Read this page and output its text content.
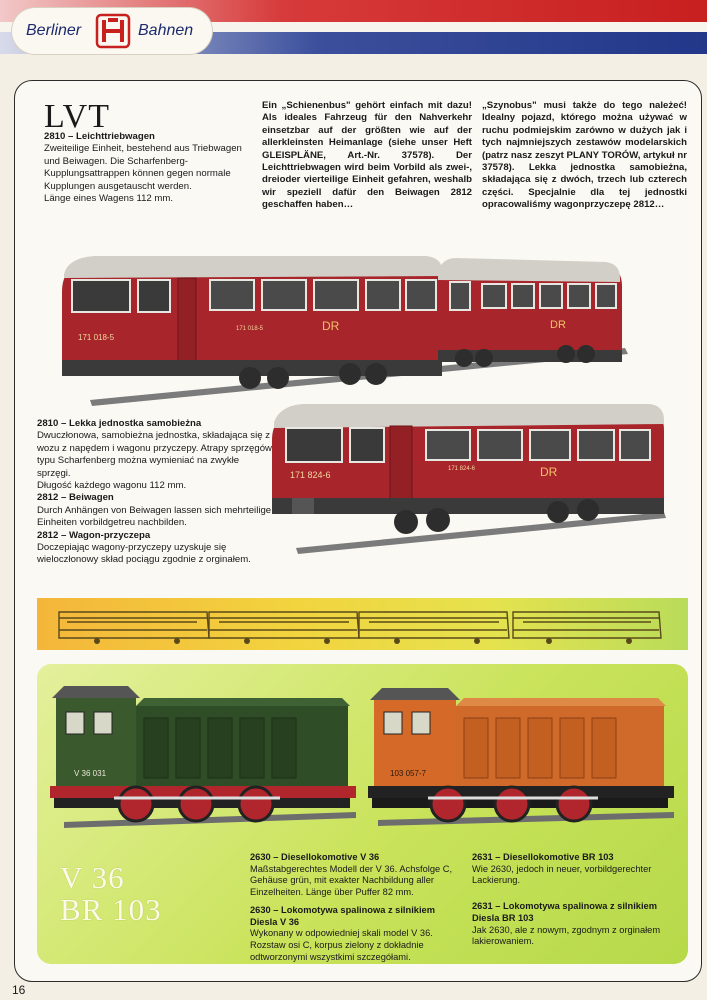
Berliner	Bahnen
LVT

2810 – Leichttriebwagen

Zweiteilige Einheit, bestehend aus Triebwagen und Beiwagen. Die Scharfenberg-Kupplungsattrappen können gegen normale Kupplungen ausgetauscht werden.

Länge eines Wagens 112 mm.

Ein „Schienenbus" gehört einfach mit dazu! Als ideales Fahrzeug für den Nahverkehr einsetzbar auf der größten wie auf der allerkleinsten Heimanlage (siehe unser Heft GLEISPLÄNE, Art.-Nr. 37578). Der Leichttriebwagen wird beim Vorbild als zwei-, dreioder vierteilige Einheit gefahren, weshalb wir speziell dafür den Beiwagen 2812 geschaffen haben…

„Szynobus" musi także do tego należeć! Idealny pojazd, którego można używać w ruchu podmiejskim zarówno w dużych jak i tych najmniejszych zestawów modelarskich (patrz nasz zeszyt PLANY TORÓW, artykuł nr 37578). Lekka jednostka samobieżna, składająca się z dwóch, trzech lub czterech części. Specjalnie dla tej jednostki opracowaliśmy wagonprzyczepę 2812…

171 018-5
DR
171 018-5	DR

2810 – Lekka jednostka samobieżna

Dwuczłonowa, samobieżna jednostka, składająca się z wozu z napędem i wagonu przyczepy. Atrapy sprzęgów typu Scharfenberg można wymieniać na zwykłe sprzęgi.

Długość każdego wagonu 112 mm.

2812 – Beiwagen

Durch Anhängen von Beiwagen lassen sich mehrteilige Einheiten vorbildgetreu nachbilden.

2812 – Wagon-przyczepa

Doczepiając wagony-przyczepy uzyskuje się wieloczłonowy skład pociągu zgodnie z orginałem.

171 824-6
171 824-6	DR
V 36 031	103 057-7
V 36
BR 103

2630 – Diesellokomotive V 36

Maßstabgerechtes Modell der V 36. Achsfolge C, Gehäuse grün, mit exakter Nachbildung aller Einzelheiten. Länge über Puffer 82 mm.

2630 – Lokomotywa spalinowa z silnikiem Diesla V 36

Wykonany w odpowiedniej skali model V 36. Rozstaw osi C, korpus zielony z dokładnie odtworzonymi wszystkimi szczegółami.

2631 – Diesellokomotive BR 103

Wie 2630, jedoch in neuer, vorbildgerechter Lackierung.

2631 – Lokomotywa spalinowa z silnikiem Diesla BR 103

Jak 2630, ale z nowym, zgodnym z orginałem lakierowaniem.

16
